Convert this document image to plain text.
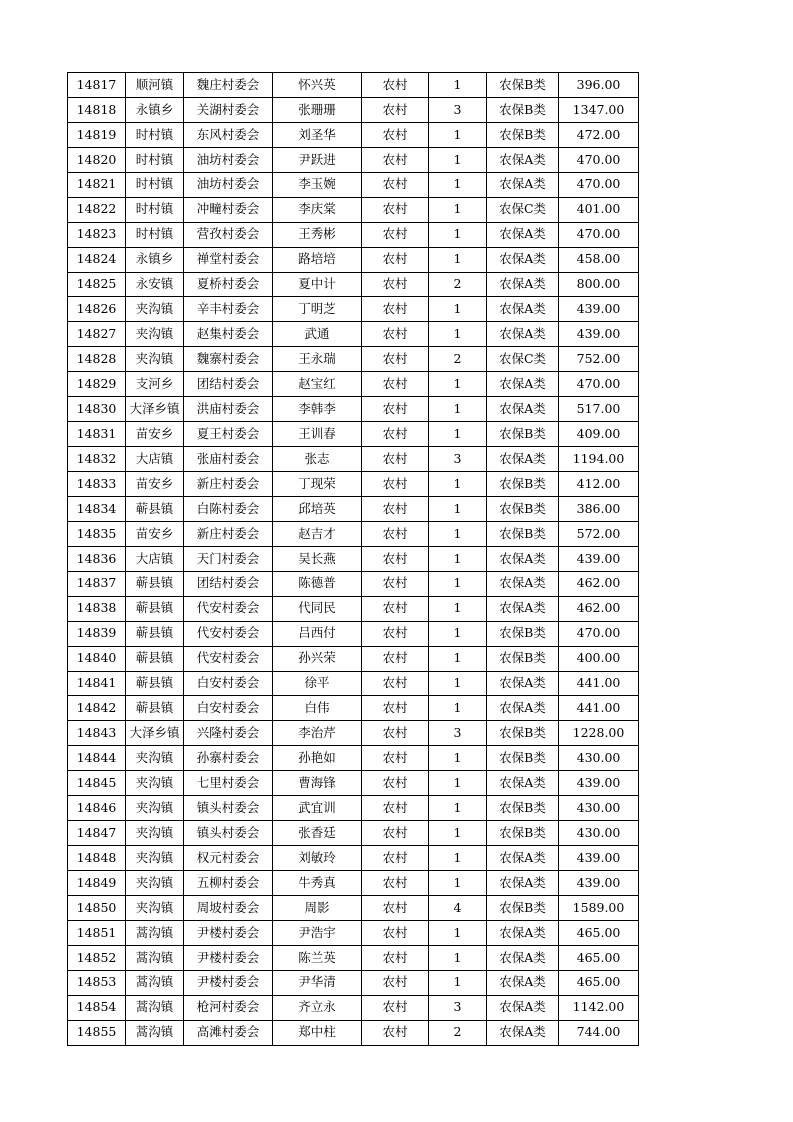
14817	顺河镇	魏庄村委会	怀兴英	农村	1	农保B类	396.00
14818	永镇乡	关湖村委会	张珊珊	农村	3	农保B类	1347.00
14819	时村镇	东风村委会	刘圣华	农村	1	农保B类	472.00
14820	时村镇	油坊村委会	尹跃进	农村	1	农保A类	470.00
14821	时村镇	油坊村委会	李玉婉	农村	1	农保A类	470.00
14822	时村镇	冲疃村委会	李庆棠	农村	1	农保C类	401.00
14823	时村镇	营孜村委会	王秀彬	农村	1	农保A类	470.00
14824	永镇乡	禅堂村委会	路培培	农村	1	农保A类	458.00
14825	永安镇	夏桥村委会	夏中计	农村	2	农保A类	800.00
14826	夹沟镇	辛丰村委会	丁明芝	农村	1	农保A类	439.00
14827	夹沟镇	赵集村委会	武通	农村	1	农保A类	439.00
14828	夹沟镇	魏寨村委会	王永瑞	农村	2	农保C类	752.00
14829	支河乡	团结村委会	赵宝红	农村	1	农保A类	470.00
14830	大泽乡镇	洪庙村委会	李韩李	农村	1	农保A类	517.00
14831	苗安乡	夏王村委会	王训春	农村	1	农保B类	409.00
14832	大店镇	张庙村委会	张志	农村	3	农保A类	1194.00
14833	苗安乡	新庄村委会	丁现荣	农村	1	农保B类	412.00
14834	蕲县镇	白陈村委会	邱培英	农村	1	农保B类	386.00
14835	苗安乡	新庄村委会	赵吉才	农村	1	农保B类	572.00
14836	大店镇	天门村委会	吴长燕	农村	1	农保A类	439.00
14837	蕲县镇	团结村委会	陈德普	农村	1	农保A类	462.00
14838	蕲县镇	代安村委会	代同民	农村	1	农保A类	462.00
14839	蕲县镇	代安村委会	吕西付	农村	1	农保B类	470.00
14840	蕲县镇	代安村委会	孙兴荣	农村	1	农保B类	400.00
14841	蕲县镇	白安村委会	徐平	农村	1	农保A类	441.00
14842	蕲县镇	白安村委会	白伟	农村	1	农保A类	441.00
14843	大泽乡镇	兴隆村委会	李治芹	农村	3	农保B类	1228.00
14844	夹沟镇	孙寨村委会	孙艳如	农村	1	农保B类	430.00
14845	夹沟镇	七里村委会	曹海锋	农村	1	农保A类	439.00
14846	夹沟镇	镇头村委会	武宜训	农村	1	农保B类	430.00
14847	夹沟镇	镇头村委会	张香廷	农村	1	农保B类	430.00
14848	夹沟镇	权元村委会	刘敏玲	农村	1	农保A类	439.00
14849	夹沟镇	五柳村委会	牛秀真	农村	1	农保A类	439.00
14850	夹沟镇	周坡村委会	周影	农村	4	农保B类	1589.00
14851	蒿沟镇	尹楼村委会	尹浩宇	农村	1	农保A类	465.00
14852	蒿沟镇	尹楼村委会	陈兰英	农村	1	农保A类	465.00
14853	蒿沟镇	尹楼村委会	尹华清	农村	1	农保A类	465.00
14854	蒿沟镇	枪河村委会	齐立永	农村	3	农保A类	1142.00
14855	蒿沟镇	高滩村委会	郑中柱	农村	2	农保A类	744.00
